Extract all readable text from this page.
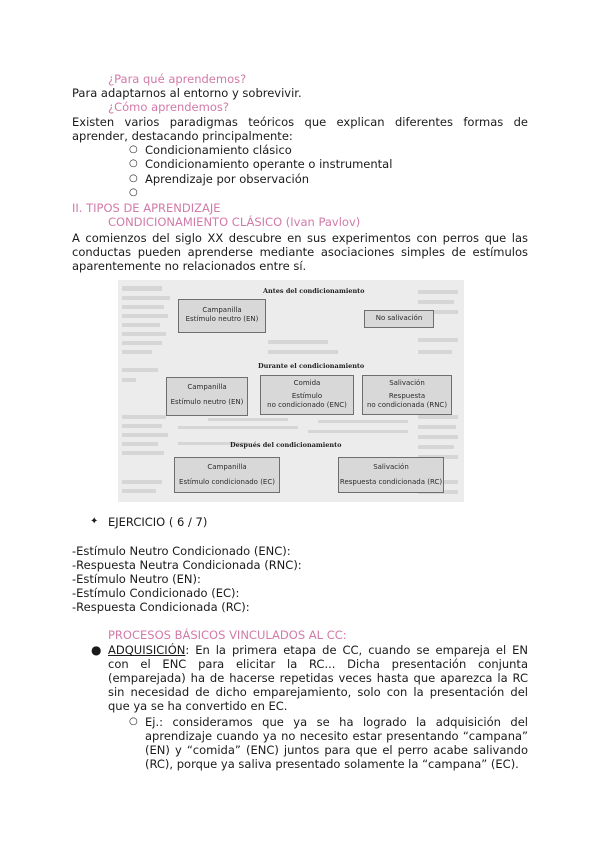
¿Para qué aprendemos?
Para adaptarnos al entorno y sobrevivir.
¿Cómo aprendemos?
Existen varios paradigmas teóricos que explican diferentes formas de
aprender, destacando principalmente:
○ Condicionamiento clásico
○ Condicionamiento operante o instrumental
○ Aprendizaje por observación
○
II. TIPOS DE APRENDIZAJE
CONDICIONAMIENTO CLÁSICO (Ivan Pavlov)
A comienzos del siglo XX descubre en sus experimentos con perros que las
conductas pueden aprenderse mediante asociaciones simples de estímulos
aparentemente no relacionados entre sí.
Antes del condicionamiento
Campanilla
Estímulo neutro (EN)	No salivación
Durante el condicionamiento
Campanilla
Estímulo neutro (EN)
Comida
Estímulo
no condicionado (ENC)
Salivación
Respuesta
no condicionada (RNC)
Después del condicionamiento
Campanilla
Estímulo condicionado (EC)
Salivación
Respuesta condicionada (RC)
✦ EJERCICIO ( 6 / 7)
-Estímulo Neutro Condicionado (ENC):
-Respuesta Neutra Condicionada (RNC):
-Estímulo Neutro (EN):
-Estímulo Condicionado (EC):
-Respuesta Condicionada (RC):
PROCESOS BÁSICOS VINCULADOS AL CC:
● ADQUISICIÓN: En la primera etapa de CC, cuando se empareja el EN
con el ENC para elicitar la RC... Dicha presentación conjunta
(emparejada) ha de hacerse repetidas veces hasta que aparezca la RC
sin necesidad de dicho emparejamiento, solo con la presentación del
que ya se ha convertido en EC.
○ Ej.: consideramos que ya se ha logrado la adquisición del
aprendizaje cuando ya no necesito estar presentando “campana”
(EN) y “comida” (ENC) juntos para que el perro acabe salivando
(RC), porque ya saliva presentado solamente la “campana” (EC).
